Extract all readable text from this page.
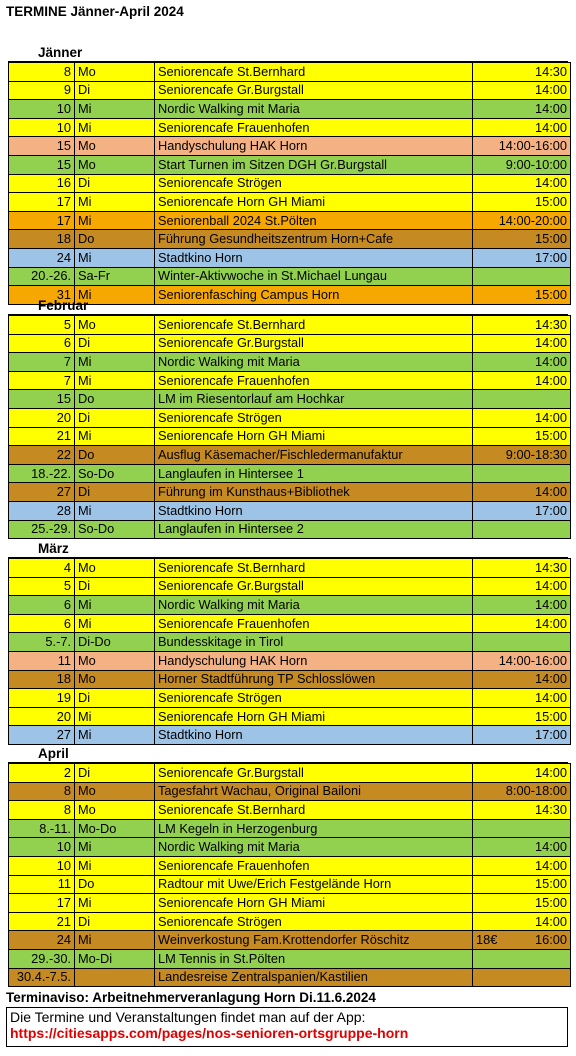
TERMINE Jänner-April 2024
Jänner
8	Mo	Seniorencafe St.Bernhard	14:30
9	Di	Seniorencafe Gr.Burgstall	14:00
10	Mi	Nordic Walking mit Maria	14:00
10	Mi	Seniorencafe Frauenhofen	14:00
15	Mo	Handyschulung HAK Horn	14:00-16:00
15	Mo	Start Turnen im Sitzen DGH Gr.Burgstall	9:00-10:00
16	Di	Seniorencafe Strögen	14:00
17	Mi	Seniorencafe Horn GH Miami	15:00
17	Mi	Seniorenball 2024 St.Pölten	14:00-20:00
18	Do	Führung Gesundheitszentrum Horn+Cafe	15:00
24	Mi	Stadtkino Horn	17:00
20.-26.	Sa-Fr	Winter-Aktivwoche in St.Michael Lungau	
31	Mi	Seniorenfasching Campus Horn	15:00
Februar
5	Mo	Seniorencafe St.Bernhard	14:30
6	Di	Seniorencafe Gr.Burgstall	14:00
7	Mi	Nordic Walking mit Maria	14:00
7	Mi	Seniorencafe Frauenhofen	14:00
15	Do	LM im Riesentorlauf am Hochkar	
20	Di	Seniorencafe Strögen	14:00
21	Mi	Seniorencafe Horn GH Miami	15:00
22	Do	Ausflug Käsemacher/Fischledermanufaktur	9:00-18:30
18.-22.	So-Do	Langlaufen in Hintersee 1	
27	Di	Führung im Kunsthaus+Bibliothek	14:00
28	Mi	Stadtkino Horn	17:00
25.-29.	So-Do	Langlaufen in Hintersee 2	
März
4	Mo	Seniorencafe St.Bernhard	14:30
5	Di	Seniorencafe Gr.Burgstall	14:00
6	Mi	Nordic Walking mit Maria	14:00
6	Mi	Seniorencafe Frauenhofen	14:00
5.-7.	Di-Do	Bundesskitage in Tirol	
11	Mo	Handyschulung HAK Horn	14:00-16:00
18	Mo	Horner Stadtführung TP Schlosslöwen	14:00
19	Di	Seniorencafe Strögen	14:00
20	Mi	Seniorencafe Horn GH Miami	15:00
27	Mi	Stadtkino Horn	17:00
April
2	Di	Seniorencafe Gr.Burgstall	14:00
8	Mo	Tagesfahrt Wachau, Original Bailoni	8:00-18:00
8	Mo	Seniorencafe St.Bernhard	14:30
8.-11.	Mo-Do	LM Kegeln in Herzogenburg	
10	Mi	Nordic Walking mit Maria	14:00
10	Mi	Seniorencafe Frauenhofen	14:00
11	Do	Radtour mit Uwe/Erich Festgelände Horn	15:00
17	Mi	Seniorencafe Horn GH Miami	15:00
21	Di	Seniorencafe Strögen	14:00
24	Mi	Weinverkostung Fam.Krottendorfer Röschitz	18€ 16:00
29.-30.	Mo-Di	LM Tennis in St.Pölten	
30.4.-7.5.		Landesreise Zentralspanien/Kastilien	
Terminaviso: Arbeitnehmerveranlagung Horn Di.11.6.2024
Die Termine und Veranstaltungen findet man auf der App:
https://citiesapps.com/pages/nos-senioren-ortsgruppe-horn
